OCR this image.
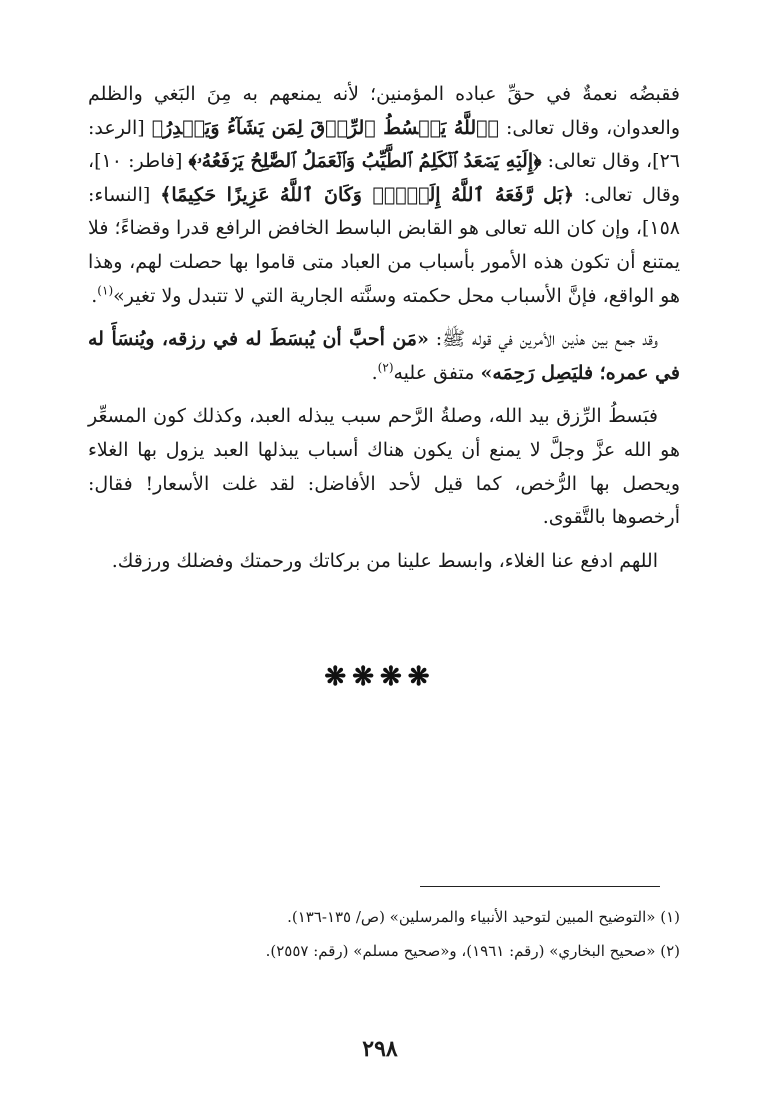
فقبضُه نعمةٌ في حقِّ عباده المؤمنين؛ لأنه يمنعهم به مِنَ البَغي والظلم والعدوان، وقال تعالى: ﴿ٱللَّهُ يَبۡسُطُ ٱلرِّزۡقَ لِمَن يَشَآءُ وَيَقۡدِرُ﴾ [الرعد: ٢٦]، وقال تعالى: ﴿إِلَيۡهِ يَصۡعَدُ ٱلۡكَلِمُ ٱلطَّيِّبُ وَٱلۡعَمَلُ ٱلصَّٰلِحُ يَرۡفَعُهُۥ﴾ [فاطر: ١٠]، وقال تعالى: ﴿بَل رَّفَعَهُ ٱللَّهُ إِلَيۡهِۚ وَكَانَ ٱللَّهُ عَزِيزًا حَكِيمًا﴾ [النساء: ١٥٨]، وإن كان الله تعالى هو القابض الباسط الخافض الرافع قدرا وقضاءً؛ فلا يمتنع أن تكون هذه الأمور بأسباب من العباد متى قاموا بها حصلت لهم، وهذا هو الواقع، فإنَّ الأسباب محل حكمته وسنَّته الجارية التي لا تتبدل ولا تغير»$^{(١)}$.

وقد جمع بين هذين الأمرين في قوله ﷺ: «مَن أحبَّ أن يُبسَطَ له في رزقه، ويُنسَأَ له في عمره؛ فليَصِل رَحِمَه» متفق عليه$^{(٢)}$.

فبَسطُ الرِّزق بيد الله، وصلةُ الرَّحم سبب يبذله العبد، وكذلك كون المسعِّر هو الله عزَّ وجلَّ لا يمنع أن يكون هناك أسباب يبذلها العبد يزول بها الغلاء ويحصل بها الرُّخص، كما قيل لأحد الأفاضل: لقد غلت الأسعار! فقال: أرخصوها بالتَّقوى.

اللهم ادفع عنا الغلاء، وابسط علينا من بركاتك ورحمتك وفضلك ورزقك.

❋❋❋❋

(١) «التوضيح المبين لتوحيد الأنبياء والمرسلين» (ص/ ١٣٥-١٣٦).

(٢) «صحيح البخاري» (رقم: ١٩٦١)، و«صحيح مسلم» (رقم: ٢٥٥٧).

٢٩٨
